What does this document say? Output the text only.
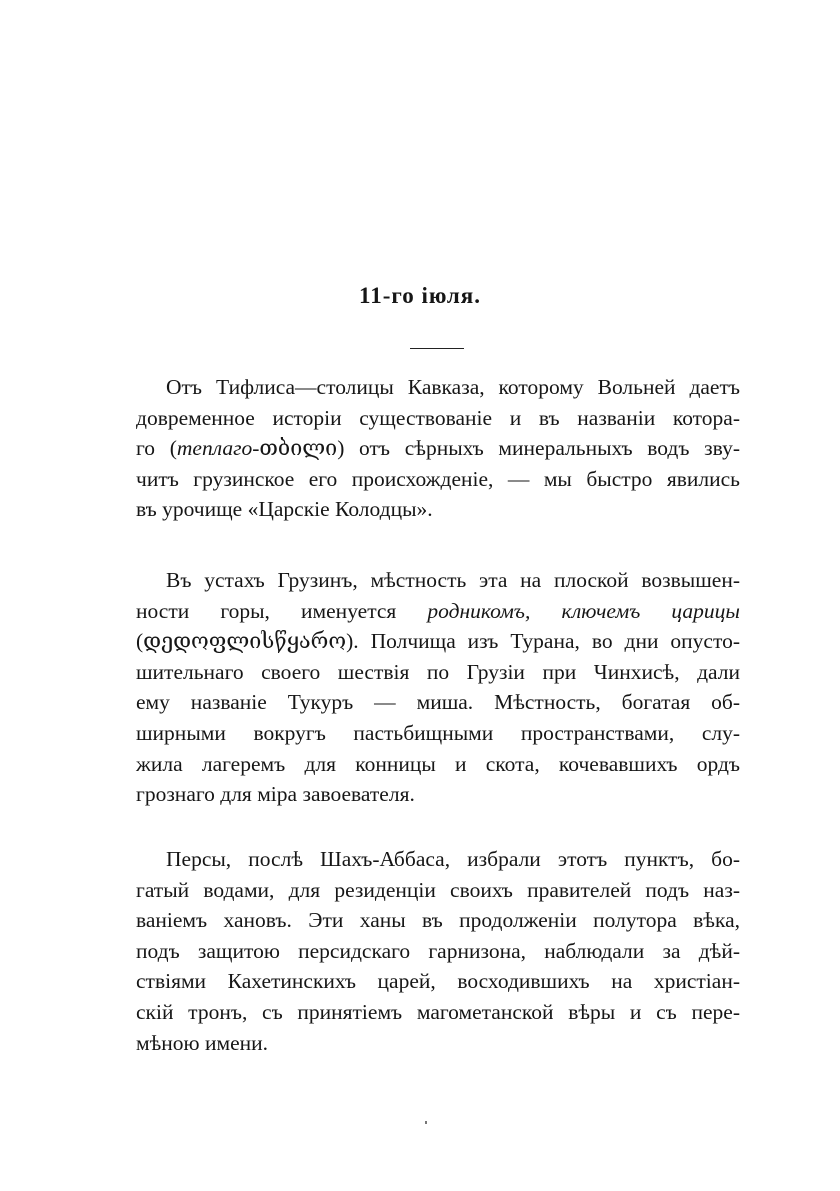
11-го іюля.
Отъ Тифлиса—столицы Кавказа, которому Вольней даетъ
довременное исторіи существованіе и въ названіи котора-
го (теплаго-თბილი) отъ сѣрныхъ минеральныхъ водъ зву-
читъ грузинское его происхожденіе, — мы быстро явились
въ урочище «Царскіе Колодцы».
Въ устахъ Грузинъ, мѣстность эта на плоской возвышен-
ности горы, именуется родникомъ, ключемъ царицы
(დედოფლისწყარო). Полчища изъ Турана, во дни опусто-
шительнаго своего шествія по Грузіи при Чинхисѣ, дали
ему названіе Тукуръ — миша. Мѣстность, богатая об-
ширными вокругъ пастьбищными пространствами, слу-
жила лагеремъ для конницы и скота, кочевавшихъ ордъ
грознаго для міра завоевателя.
Персы, послѣ Шахъ-Аббаса, избрали этотъ пунктъ, бо-
гатый водами, для резиденціи своихъ правителей подъ наз-
ваніемъ хановъ. Эти ханы въ продолженіи полутора вѣка,
подъ защитою персидскаго гарнизона, наблюдали за дѣй-
ствіями Кахетинскихъ царей, восходившихъ на христіан-
скій тронъ, съ принятіемъ магометанской вѣры и съ пере-
мѣною имени.
